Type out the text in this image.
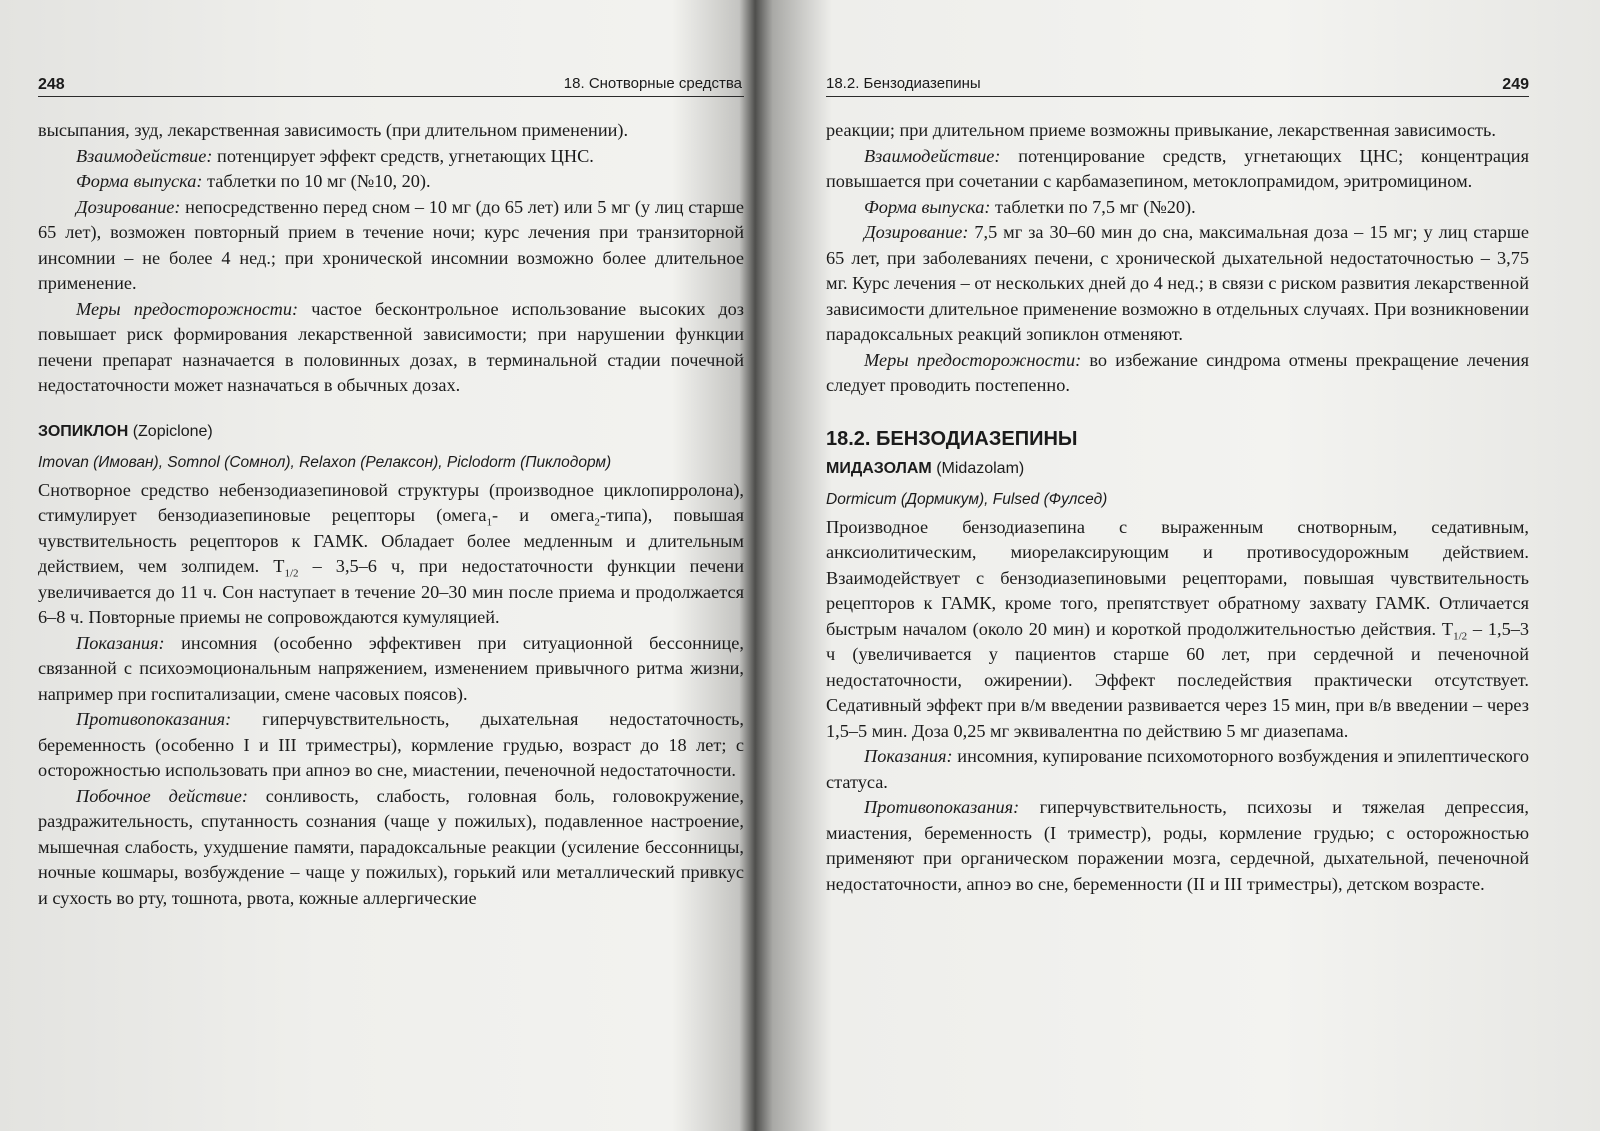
248	18. Снотворные средства

высыпания, зуд, лекарственная зависимость (при длительном применении).

Взаимодействие: потенцирует эффект средств, угнетающих ЦНС.

Форма выпуска: таблетки по 10 мг (№10, 20).

Дозирование: непосредственно перед сном – 10 мг (до 65 лет) или 5 мг (у лиц старше 65 лет), возможен повторный прием в течение ночи; курс лечения при транзиторной инсомнии – не более 4 нед.; при хронической инсомнии возможно более длительное применение.

Меры предосторожности: частое бесконтрольное использование высоких доз повышает риск формирования лекарственной зависимости; при нарушении функции печени препарат назначается в половинных дозах, в терминальной стадии почечной недостаточности может назначаться в обычных дозах.

ЗОПИКЛОН (Zopiclone)
Imovan (Имован), Somnol (Сомнол), Relaxon (Релаксон), Piclodorm (Пиклодорм)

Снотворное средство небензодиазепиновой структуры (производное циклопирролона), стимулирует бензодиазепиновые рецепторы (омега$_1$- и омега$_2$-типа), повышая чувствительность рецепторов к ГАМК. Обладает более медленным и длительным действием, чем золпидем. $T_{1/2} - 3,5-6$ ч, при недостаточности функции печени увеличивается до 11 ч. Сон наступает в течение 20–30 мин после приема и продолжается 6–8 ч. Повторные приемы не сопровождаются кумуляцией.

Показания: инсомния (особенно эффективен при ситуационной бессоннице, связанной с психоэмоциональным напряжением, изменением привычного ритма жизни, например при госпитализации, смене часовых поясов).

Противопоказания: гиперчувствительность, дыхательная недостаточность, беременность (особенно I и III триместры), кормление грудью, возраст до 18 лет; с осторожностью использовать при апноэ во сне, миастении, печеночной недостаточности.

Побочное действие: сонливость, слабость, головная боль, головокружение, раздражительность, спутанность сознания (чаще у пожилых), подавленное настроение, мышечная слабость, ухудшение памяти, парадоксальные реакции (усиление бессонницы, ночные кошмары, возбуждение – чаще у пожилых), горький или металлический привкус и сухость во рту, тошнота, рвота, кожные аллергические

18.2. Бензодиазепины	249

реакции; при длительном приеме возможны привыкание, лекарственная зависимость.

Взаимодействие: потенцирование средств, угнетающих ЦНС; концентрация повышается при сочетании с карбамазепином, метоклопрамидом, эритромицином.

Форма выпуска: таблетки по 7,5 мг (№20).

Дозирование: 7,5 мг за 30–60 мин до сна, максимальная доза – 15 мг; у лиц старше 65 лет, при заболеваниях печени, с хронической дыхательной недостаточностью – 3,75 мг. Курс лечения – от нескольких дней до 4 нед.; в связи с риском развития лекарственной зависимости длительное применение возможно в отдельных случаях. При возникновении парадоксальных реакций зопиклон отменяют.

Меры предосторожности: во избежание синдрома отмены прекращение лечения следует проводить постепенно.

18.2. БЕНЗОДИАЗЕПИНЫ
МИДАЗОЛАМ (Midazolam)
Dormicum (Дормикум), Fulsed (Фулсед)

Производное бензодиазепина с выраженным снотворным, седативным, анксиолитическим, миорелаксирующим и противосудорожным действием. Взаимодействует с бензодиазепиновыми рецепторами, повышая чувствительность рецепторов к ГАМК, кроме того, препятствует обратному захвату ГАМК. Отличается быстрым началом (около 20 мин) и короткой продолжительностью действия. $T_{1/2} - 1,5-3$ ч (увеличивается у пациентов старше 60 лет, при сердечной и печеночной недостаточности, ожирении). Эффект последействия практически отсутствует. Седативный эффект при в/м введении развивается через 15 мин, при в/в введении – через 1,5–5 мин. Доза 0,25 мг эквивалентна по действию 5 мг диазепама.

Показания: инсомния, купирование психомоторного возбуждения и эпилептического статуса.

Противопоказания: гиперчувствительность, психозы и тяжелая депрессия, миастения, беременность (I триместр), роды, кормление грудью; с осторожностью применяют при органическом поражении мозга, сердечной, дыхательной, печеночной недостаточности, апноэ во сне, беременности (II и III триместры), детском возрасте.
